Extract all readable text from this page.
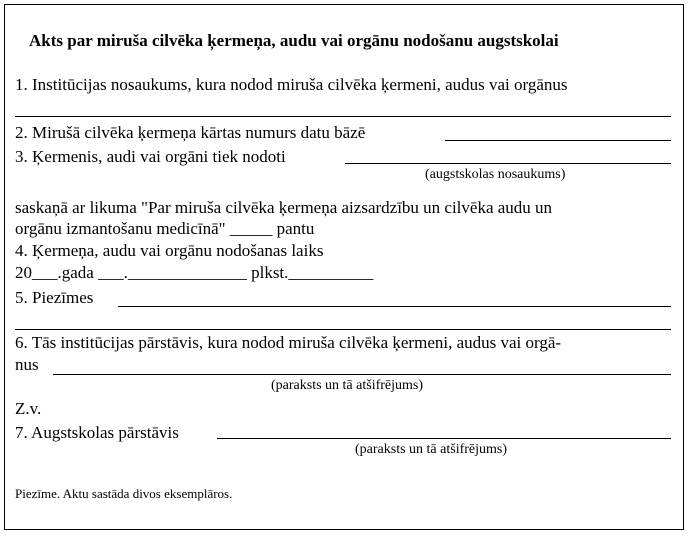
Akts par miruša cilvēka ķermeņa, audu vai orgānu nodošanu augstskolai
1. Institūcijas nosaukums, kura nodod miruša cilvēka ķermeni, audus vai orgānus
2. Mirušā cilvēka ķermeņa kārtas numurs datu bāzē
3. Ķermenis, audi vai orgāni tiek nodoti
(augstskolas nosaukums)
saskaņā ar likuma "Par miruša cilvēka ķermeņa aizsardzību un cilvēka audu un
orgānu izmantošanu medicīnā" _____ pantu
4. Ķermeņa, audu vai orgānu nodošanas laiks
20___.gada ___.______________ plkst.__________
5. Piezīmes
6. Tās institūcijas pārstāvis, kura nodod miruša cilvēka ķermeni, audus vai orgā-
nus
(paraksts un tā atšifrējums)
Z.v.
7. Augstskolas pārstāvis
(paraksts un tā atšifrējums)
Piezīme. Aktu sastāda divos eksemplāros.
